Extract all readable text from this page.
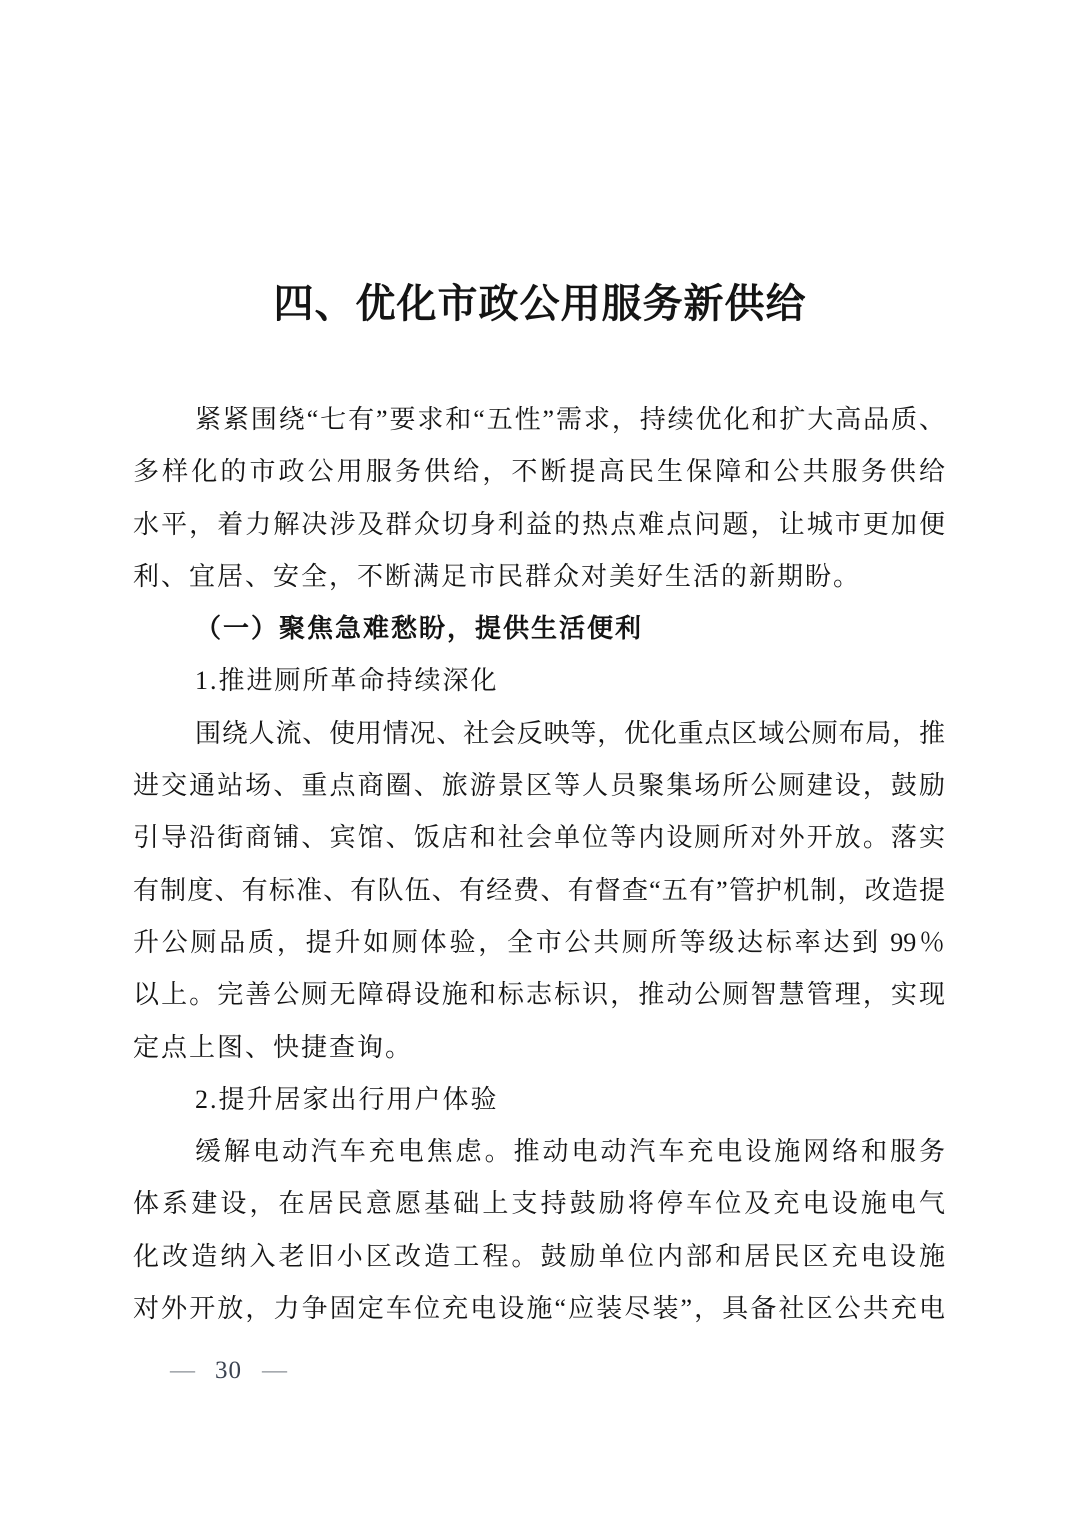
四、优化市政公用服务新供给
紧紧围绕“七有”要求和“五性”需求，持续优化和扩大高品质、
多样化的市政公用服务供给，不断提高民生保障和公共服务供给
水平，着力解决涉及群众切身利益的热点难点问题，让城市更加便
利、宜居、安全，不断满足市民群众对美好生活的新期盼。
（一）聚焦急难愁盼，提供生活便利
1.推进厕所革命持续深化
围绕人流、使用情况、社会反映等，优化重点区域公厕布局，推
进交通站场、重点商圈、旅游景区等人员聚集场所公厕建设，鼓励
引导沿街商铺、宾馆、饭店和社会单位等内设厕所对外开放。落实
有制度、有标准、有队伍、有经费、有督查“五有”管护机制，改造提
升公厕品质，提升如厕体验，全市公共厕所等级达标率达到 99％
以上。完善公厕无障碍设施和标志标识，推动公厕智慧管理，实现
定点上图、快捷查询。
2.提升居家出行用户体验
缓解电动汽车充电焦虑。推动电动汽车充电设施网络和服务
体系建设，在居民意愿基础上支持鼓励将停车位及充电设施电气
化改造纳入老旧小区改造工程。鼓励单位内部和居民区充电设施
对外开放，力争固定车位充电设施“应装尽装”，具备社区公共充电
— 30 —
